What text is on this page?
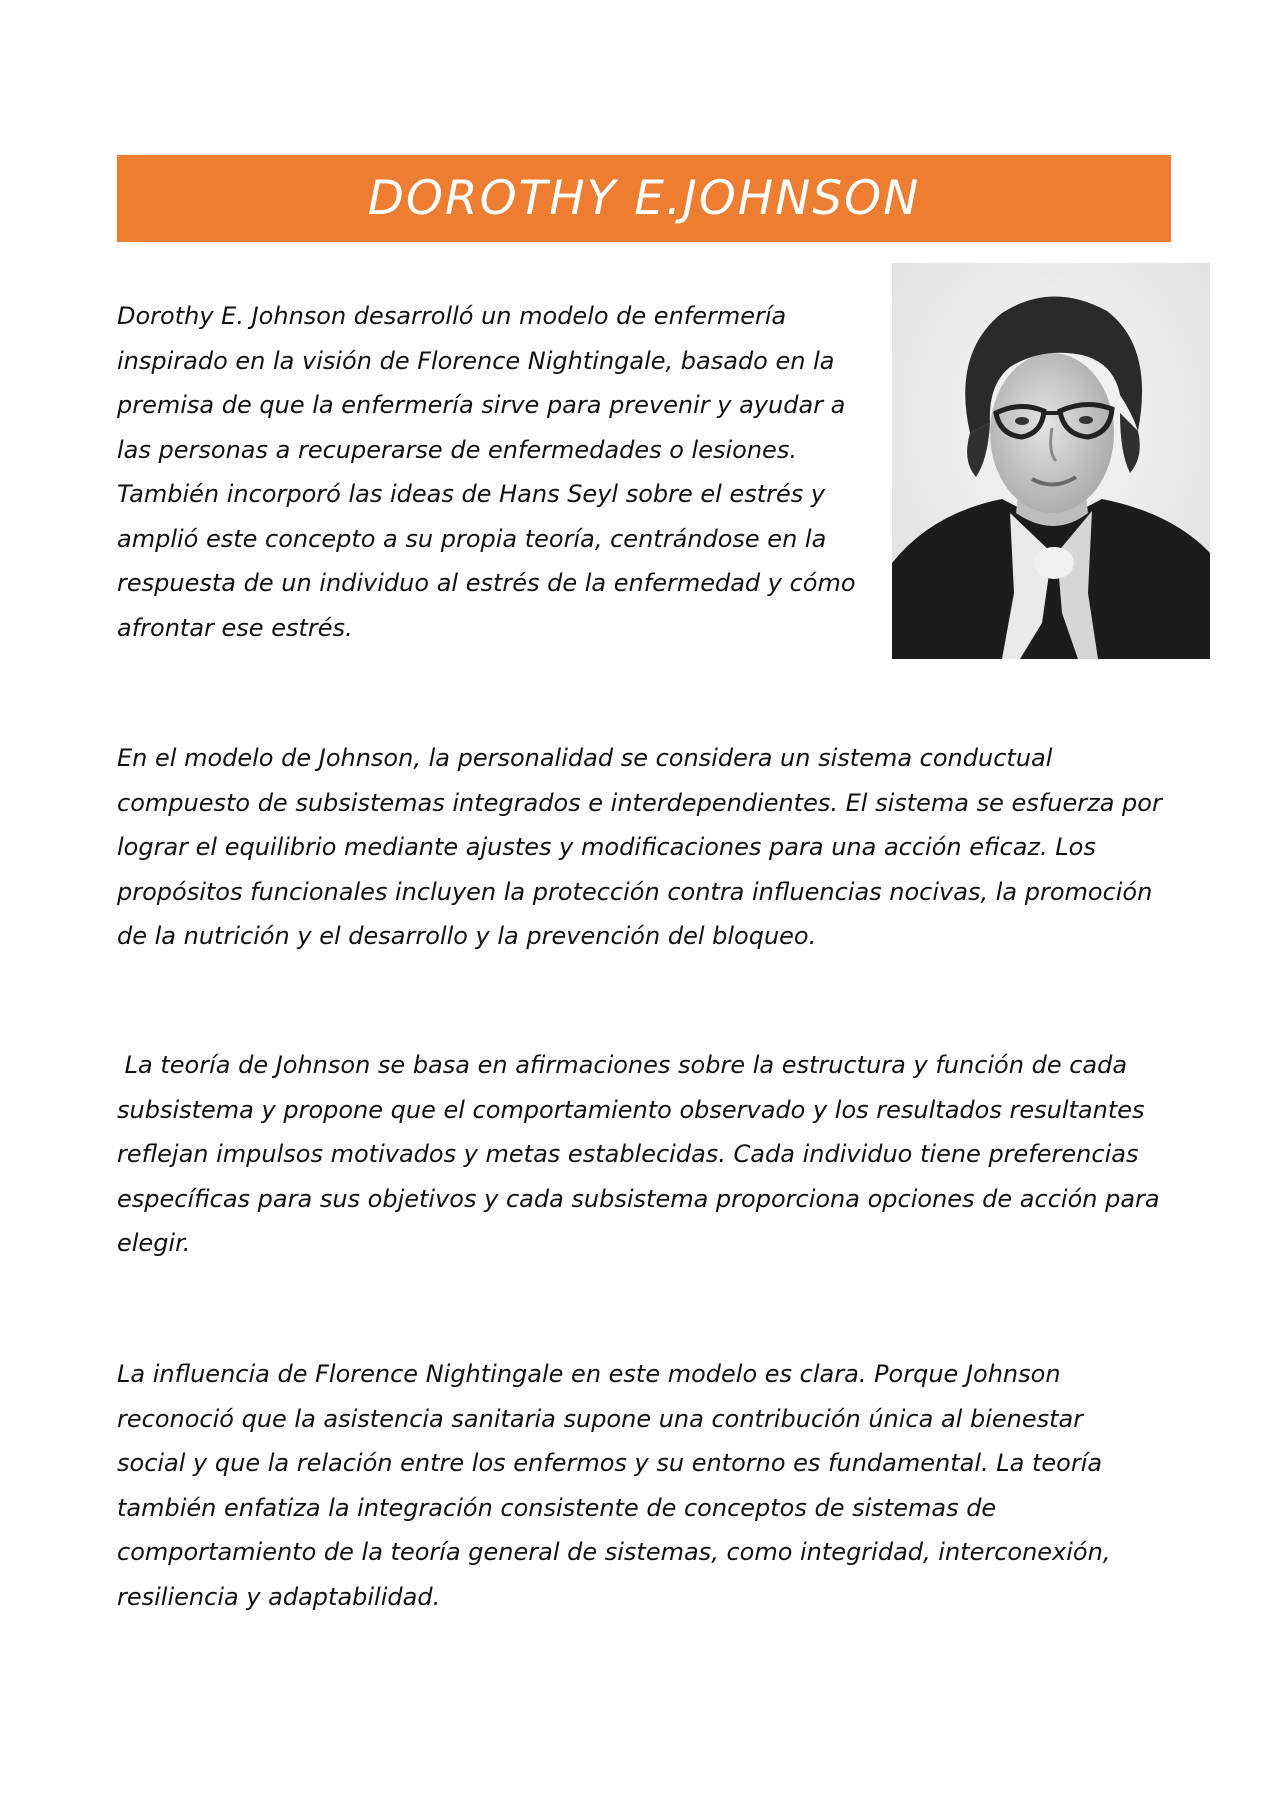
DOROTHY E.JOHNSON

Dorothy E. Johnson desarrolló un modelo de enfermería
inspirado en la visión de Florence Nightingale, basado en la
premisa de que la enfermería sirve para prevenir y ayudar a
las personas a recuperarse de enfermedades o lesiones.
También incorporó las ideas de Hans Seyl sobre el estrés y
amplió este concepto a su propia teoría, centrándose en la
respuesta de un individuo al estrés de la enfermedad y cómo
afrontar ese estrés.

En el modelo de Johnson, la personalidad se considera un sistema conductual
compuesto de subsistemas integrados e interdependientes. El sistema se esfuerza por
lograr el equilibrio mediante ajustes y modificaciones para una acción eficaz. Los
propósitos funcionales incluyen la protección contra influencias nocivas, la promoción
de la nutrición y el desarrollo y la prevención del bloqueo.

La teoría de Johnson se basa en afirmaciones sobre la estructura y función de cada
subsistema y propone que el comportamiento observado y los resultados resultantes
reflejan impulsos motivados y metas establecidas. Cada individuo tiene preferencias
específicas para sus objetivos y cada subsistema proporciona opciones de acción para
elegir.

La influencia de Florence Nightingale en este modelo es clara. Porque Johnson
reconoció que la asistencia sanitaria supone una contribución única al bienestar
social y que la relación entre los enfermos y su entorno es fundamental. La teoría
también enfatiza la integración consistente de conceptos de sistemas de
comportamiento de la teoría general de sistemas, como integridad, interconexión,
resiliencia y adaptabilidad.
